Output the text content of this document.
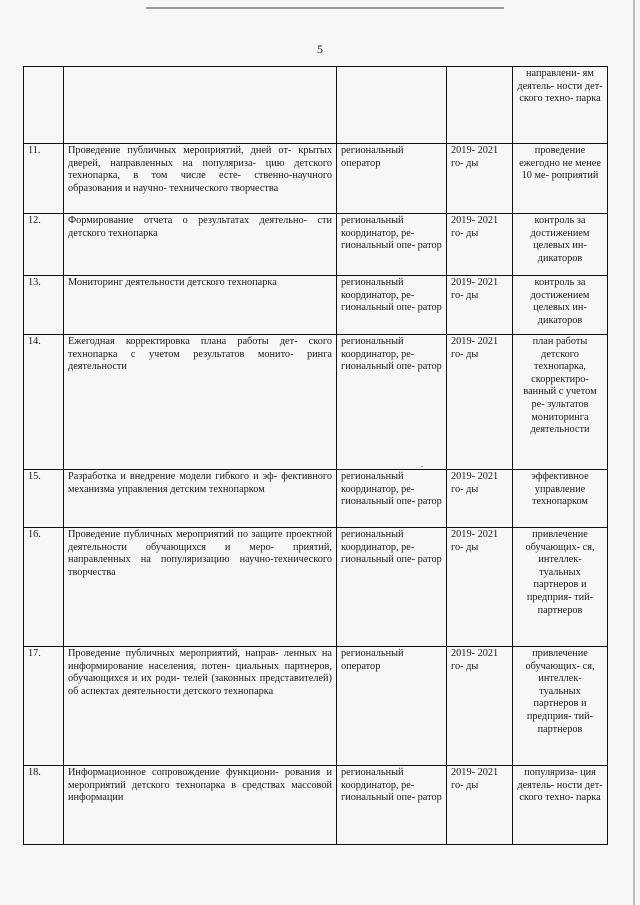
5
				направлени- ям деятель- ности дет- ского техно- парка
11.	Проведение публичных мероприятий, дней от- крытых дверей, направленных на популяриза- цию детского технопарка, в том числе есте- ственно-научного образования и научно- технического творчества	региональный оператор	2019- 2021 го- ды	проведение ежегодно не менее 10 ме- роприятий
12.	Формирование отчета о результатах деятельно- сти детского технопарка	региональный координатор, ре- гиональный опе- ратор	2019- 2021 го- ды	контроль за достижением целевых ин- дикаторов
13.	Мониторинг деятельности детского технопарка	региональный координатор, ре- гиональный опе- ратор	2019- 2021 го- ды	контроль за достижением целевых ин- дикаторов
14.	Ежегодная корректировка плана работы дет- ского технопарка с учетом результатов монито- ринга деятельности	региональный координатор, ре- гиональный опе- ратор	2019- 2021 го- ды	план работы детского технопарка, скорректиро- ванный с учетом ре- зультатов мониторинга деятельности
15.	Разработка и внедрение модели гибкого и эф- фективного механизма управления детским технопарком	региональный координатор, ре- гиональный опе- ратор	2019- 2021 го- ды	эффективное управление технопарком
16.	Проведение публичных мероприятий по защите проектной деятельности обучающихся и меро- приятий, направленных на популяризацию научно-технического творчества	региональный координатор, ре- гиональный опе- ратор	2019- 2021 го- ды	привлечение обучающих- ся, интеллек- туальных партнеров и предприя- тий- партнеров
17.	Проведение публичных мероприятий, направ- ленных на информирование населения, потен- циальных партнеров, обучающихся и их роди- телей (законных представителей) об аспектах деятельности детского технопарка	региональный оператор	2019- 2021 го- ды	привлечение обучающих- ся, интеллек- туальных партнеров и предприя- тий- партнеров
18.	Информационное сопровождение функциони- рования и мероприятий детского технопарка в средствах массовой информации	региональный координатор, ре- гиональный опе- ратор	2019- 2021 го- ды	популяриза- ция деятель- ности дет- ского техно- парка
.
